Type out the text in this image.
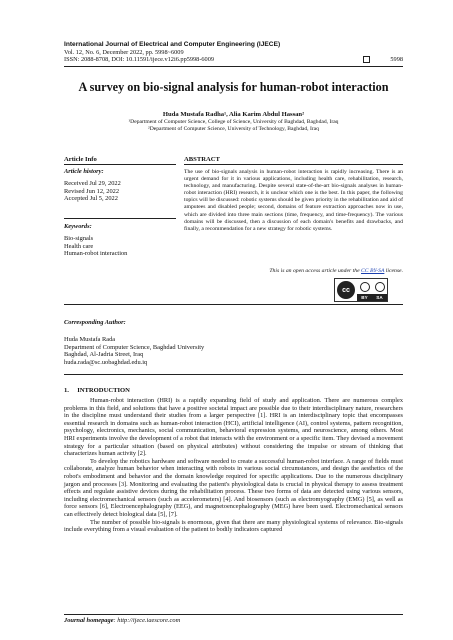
International Journal of Electrical and Computer Engineering (IJECE)
Vol. 12, No. 6, December 2022, pp. 5998~6009
ISSN: 2088-8708, DOI: 10.11591/ijece.v12i6.pp5998-6009	5998
A survey on bio-signal analysis for human-robot interaction
Huda Mustafa Radha¹, Alia Karim Abdul Hassan²
¹Department of Computer Science, College of Science, University of Baghdad, Baghdad, Iraq
²Department of Computer Science, University of Technology, Baghdad, Iraq
Article Info
Article history:
Received Jul 29, 2022
Revised Jun 12, 2022
Accepted Jul 5, 2022
Keywords:
Bio-signals
Health care
Human-robot interaction
ABSTRACT
The use of bio-signals analysis in human-robot interaction is rapidly increasing. There is an urgent demand for it in various applications, including health care, rehabilitation, research, technology, and manufacturing. Despite several state-of-the-art bio-signals analyses in human-robot interaction (HRI) research, it is unclear which one is the best. In this paper, the following topics will be discussed: robotic systems should be given priority in the rehabilitation and aid of amputees and disabled people; second, domains of feature extraction approaches now in use, which are divided into three main sections (time, frequency, and time-frequency). The various domains will be discussed, then a discussion of each domain's benefits and drawbacks, and finally, a recommendation for a new strategy for robotic systems.
This is an open access article under the CC BY-SA license.
cc
BY SA
Corresponding Author:
Huda Mustafa Rada
Department of Computer Science, Baghdad University
Baghdad, Al-Jadria Street, Iraq
huda.rada@sc.uobaghdad.edu.iq
1.     INTRODUCTION

Human-robot interaction (HRI) is a rapidly expanding field of study and application. There are numerous complex problems in this field, and solutions that have a positive societal impact are possible due to their interdisciplinary nature, researchers in the discipline must understand their studies from a larger perspective [1]. HRI is an interdisciplinary topic that encompasses essential research in domains such as human-robot interaction (HCI), artificial intelligence (AI), control systems, pattern recognition, psychology, electronics, mechanics, social communication, behavioral expression systems, and neuroscience, among others. Most HRI experiments involve the development of a robot that interacts with the environment or a specific item. They devised a movement strategy for a particular situation (based on physical attributes) without considering the impulse or stream of thinking that characterizes human activity [2].

To develop the robotics hardware and software needed to create a successful human-robot interface. A range of fields must collaborate, analyze human behavior when interacting with robots in various social circumstances, and design the aesthetics of the robot's embodiment and behavior and the domain knowledge required for specific applications. Due to the numerous disciplinary jargon and processes [3]. Monitoring and evaluating the patient's physiological data is crucial in physical therapy to assess treatment effects and regulate assistive devices during the rehabilitation process. These two forms of data are detected using various sensors, including electromechanical sensors (such as accelerometers) [4]. And biosensors (such as electromyography (EMG) [5], as well as force sensors [6], Electroencephalography (EEG), and magnetoencephalography (MEG) have been used. Electromechanical sensors can effectively detect biological data [5], [7].

The number of possible bio-signals is enormous, given that there are many physiological systems of relevance. Bio-signals include everything from a visual evaluation of the patient to bodily indicators captured

Journal homepage: http://ijece.iaescore.com
